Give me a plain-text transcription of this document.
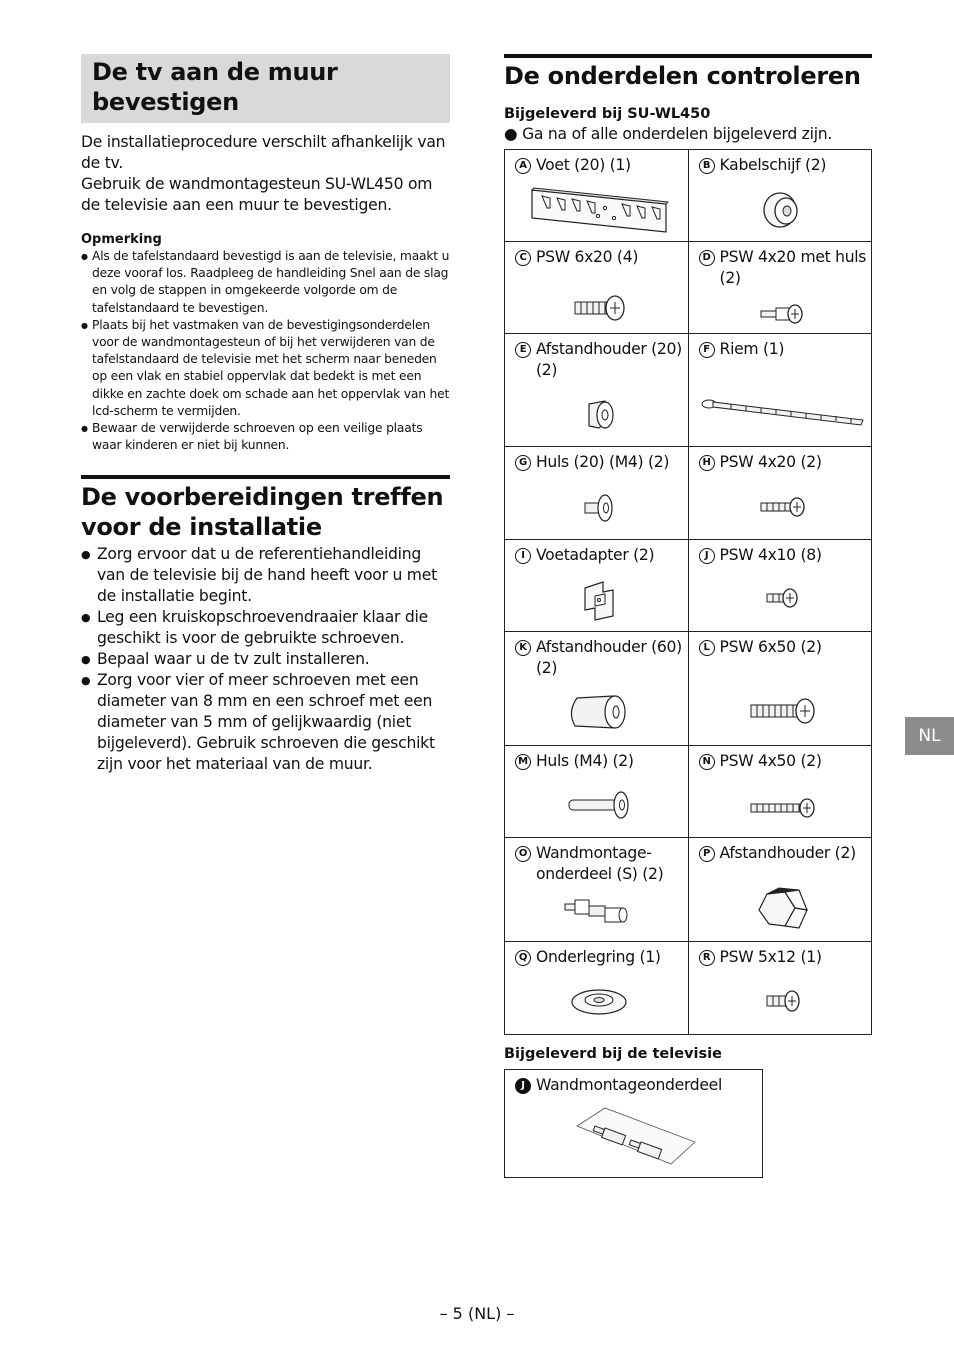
De tv aan de muur bevestigen
De installatieprocedure verschilt afhankelijk van de tv.
Gebruik de wandmontagesteun SU-WL450 om de televisie aan een muur te bevestigen.
Opmerking
● Als de tafelstandaard bevestigd is aan de televisie, maakt u deze vooraf los. Raadpleeg de handleiding Snel aan de slag en volg de stappen in omgekeerde volgorde om de tafelstandaard te bevestigen.
● Plaats bij het vastmaken van de bevestigingsonderdelen voor de wandmontagesteun of bij het verwijderen van de tafelstandaard de televisie met het scherm naar beneden op een vlak en stabiel oppervlak dat bedekt is met een dikke en zachte doek om schade aan het oppervlak van het lcd-scherm te vermijden.
● Bewaar de verwijderde schroeven op een veilige plaats waar kinderen er niet bij kunnen.
De voorbereidingen treffen voor de installatie
● Zorg ervoor dat u de referentiehandleiding van de televisie bij de hand heeft voor u met de installatie begint.
● Leg een kruiskopschroevendraaier klaar die geschikt is voor de gebruikte schroeven.
● Bepaal waar u de tv zult installeren.
● Zorg voor vier of meer schroeven met een diameter van 8 mm en een schroef met een diameter van 5 mm of gelijkwaardig (niet bijgeleverd). Gebruik schroeven die geschikt zijn voor het materiaal van de muur.
De onderdelen controleren
Bijgeleverd bij SU-WL450
● Ga na of alle onderdelen bijgeleverd zijn.
A Voet (20) (1)	B Kabelschijf (2)

C PSW 6x20 (4)	D PSW 4x20 met huls (2)

E Afstandhouder (20) (2)	F Riem (1)

G Huls (20) (M4) (2)	H PSW 4x20 (2)

I Voetadapter (2)	J PSW 4x10 (8)

K Afstandhouder (60) (2)	L PSW 6x50 (2)

M Huls (M4) (2)	N PSW 4x50 (2)

O Wandmontage-onderdeel (S) (2)	P Afstandhouder (2)

Q Onderlegring (1)	R PSW 5x12 (1)
Bijgeleverd bij de televisie
J Wandmontageonderdeel
NL
– 5 (NL) –
